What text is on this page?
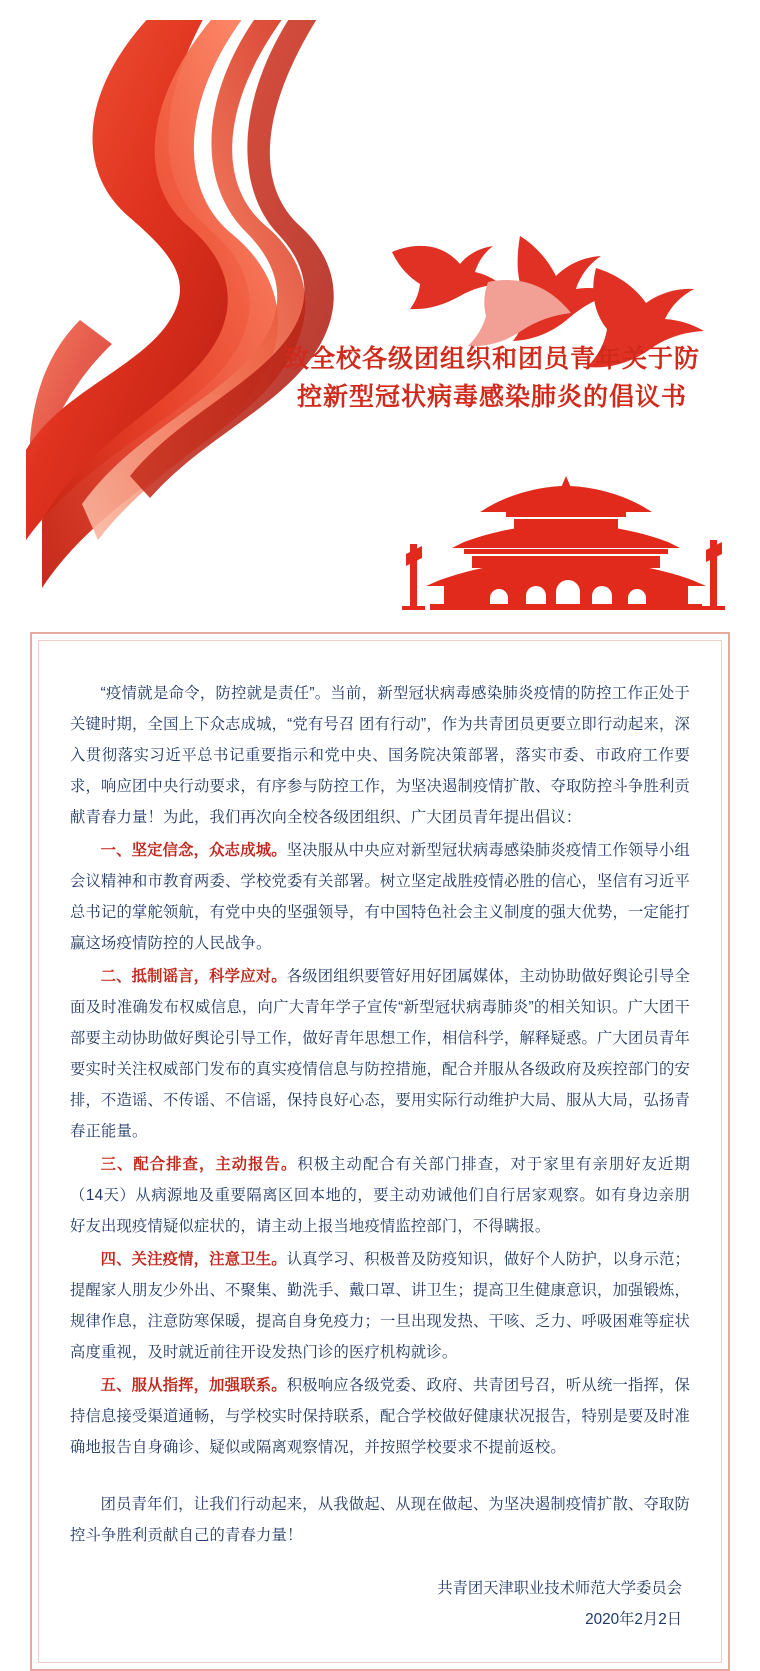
致全校各级团组织和团员青年关于防控新型冠状病毒感染肺炎的倡议书

“疫情就是命令，防控就是责任”。当前，新型冠状病毒感染肺炎疫情的防控工作正处于关键时期，全国上下众志成城，“党有号召 团有行动”，作为共青团员更要立即行动起来，深入贯彻落实习近平总书记重要指示和党中央、国务院决策部署，落实市委、市政府工作要求，响应团中央行动要求，有序参与防控工作，为坚决遏制疫情扩散、夺取防控斗争胜利贡献青春力量！为此，我们再次向全校各级团组织、广大团员青年提出倡议：

一、坚定信念，众志成城。坚决服从中央应对新型冠状病毒感染肺炎疫情工作领导小组会议精神和市教育两委、学校党委有关部署。树立坚定战胜疫情必胜的信心，坚信有习近平总书记的掌舵领航，有党中央的坚强领导，有中国特色社会主义制度的强大优势，一定能打赢这场疫情防控的人民战争。

二、抵制谣言，科学应对。各级团组织要管好用好团属媒体，主动协助做好舆论引导全面及时准确发布权威信息，向广大青年学子宣传“新型冠状病毒肺炎”的相关知识。广大团干部要主动协助做好舆论引导工作，做好青年思想工作，相信科学，解释疑惑。广大团员青年要实时关注权威部门发布的真实疫情信息与防控措施，配合并服从各级政府及疾控部门的安排，不造谣、不传谣、不信谣，保持良好心态，要用实际行动维护大局、服从大局，弘扬青春正能量。

三、配合排查，主动报告。积极主动配合有关部门排查，对于家里有亲朋好友近期（14天）从病源地及重要隔离区回本地的，要主动劝诫他们自行居家观察。如有身边亲朋好友出现疫情疑似症状的，请主动上报当地疫情监控部门，不得瞒报。

四、关注疫情，注意卫生。认真学习、积极普及防疫知识，做好个人防护，以身示范；提醒家人朋友少外出、不聚集、勤洗手、戴口罩、讲卫生；提高卫生健康意识，加强锻炼，规律作息，注意防寒保暖，提高自身免疫力；一旦出现发热、干咳、乏力、呼吸困难等症状高度重视，及时就近前往开设发热门诊的医疗机构就诊。

五、服从指挥，加强联系。积极响应各级党委、政府、共青团号召，听从统一指挥，保持信息接受渠道通畅，与学校实时保持联系，配合学校做好健康状况报告，特别是要及时准确地报告自身确诊、疑似或隔离观察情况，并按照学校要求不提前返校。

团员青年们，让我们行动起来，从我做起、从现在做起、为坚决遏制疫情扩散、夺取防控斗争胜利贡献自己的青春力量！

共青团天津职业技术师范大学委员会

2020年2月2日
